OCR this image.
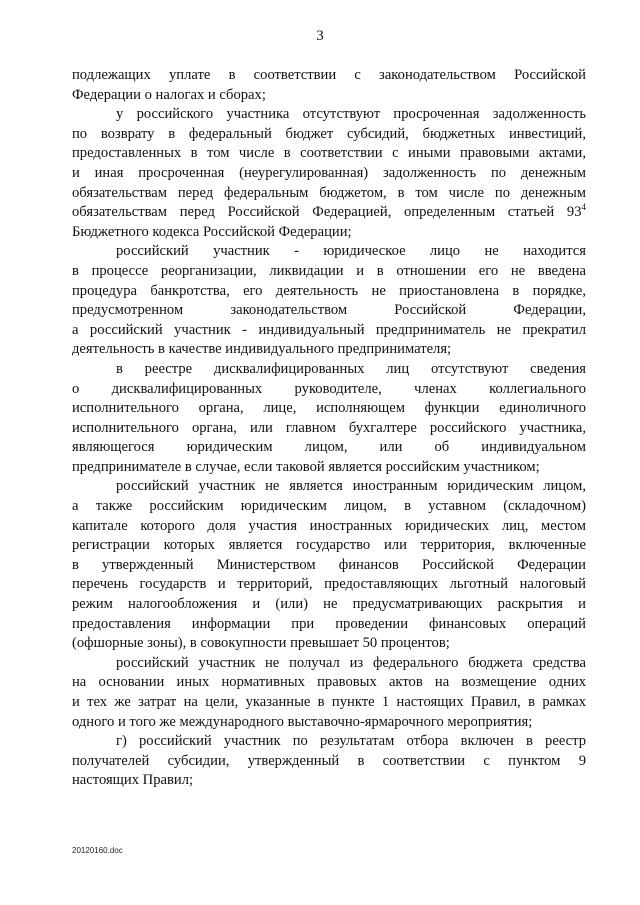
3
подлежащих уплате в соответствии с законодательством Российской
Федерации о налогах и сборах;
у российского участника отсутствуют просроченная задолженность
по возврату в федеральный бюджет субсидий, бюджетных инвестиций,
предоставленных в том числе в соответствии с иными правовыми актами,
и иная просроченная (неурегулированная) задолженность по денежным
обязательствам перед федеральным бюджетом, в том числе по денежным
обязательствам перед Российской Федерацией, определенным статьей $93^4$
Бюджетного кодекса Российской Федерации;
российский участник - юридическое лицо не находится
в процессе реорганизации, ликвидации и в отношении его не введена
процедура банкротства, его деятельность не приостановлена в порядке,
предусмотренном законодательством Российской Федерации,
а российский участник - индивидуальный предприниматель не прекратил
деятельность в качестве индивидуального предпринимателя;
в реестре дисквалифицированных лиц отсутствуют сведения
о дисквалифицированных руководителе, членах коллегиального
исполнительного органа, лице, исполняющем функции единоличного
исполнительного органа, или главном бухгалтере российского участника,
являющегося юридическим лицом, или об индивидуальном
предпринимателе в случае, если таковой является российским участником;
российский участник не является иностранным юридическим лицом,
а также российским юридическим лицом, в уставном (складочном)
капитале которого доля участия иностранных юридических лиц, местом
регистрации которых является государство или территория, включенные
в утвержденный Министерством финансов Российской Федерации
перечень государств и территорий, предоставляющих льготный налоговый
режим налогообложения и (или) не предусматривающих раскрытия и
предоставления информации при проведении финансовых операций
(офшорные зоны), в совокупности превышает 50 процентов;
российский участник не получал из федерального бюджета средства
на основании иных нормативных правовых актов на возмещение одних
и тех же затрат на цели, указанные в пункте 1 настоящих Правил, в рамках
одного и того же международного выставочно-ярмарочного мероприятия;
г) российский участник по результатам отбора включен в реестр
получателей субсидии, утвержденный в соответствии с пунктом 9
настоящих Правил;
20120160.doc
